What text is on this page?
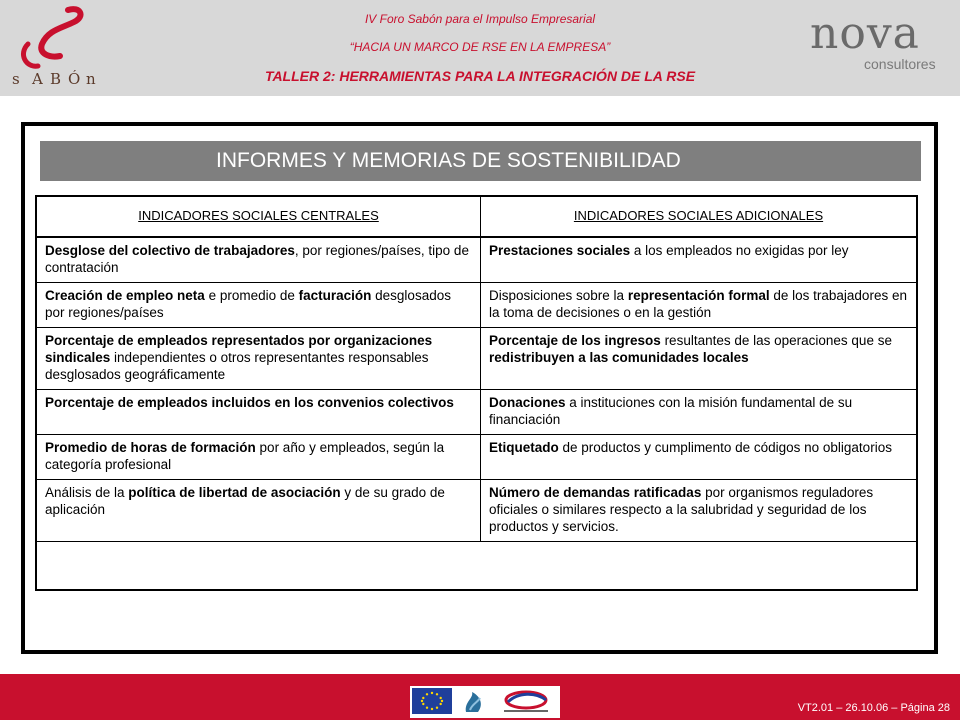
s A B Ó n
IV Foro Sabón para el Impulso Empresarial
“HACIA UN MARCO DE RSE EN LA EMPRESA”
TALLER 2: HERRAMIENTAS PARA LA INTEGRACIÓN DE LA RSE
nova
consultores
INFORMES Y MEMORIAS DE SOSTENIBILIDAD
INDICADORES SOCIALES CENTRALES	INDICADORES SOCIALES ADICIONALES
Desglose del colectivo de trabajadores, por regiones/países, tipo de contratación	Prestaciones sociales a los empleados no exigidas por ley
Creación de empleo neta e promedio de facturación desglosados por regiones/países	Disposiciones sobre la representación formal de los trabajadores en la toma de decisiones o en la gestión
Porcentaje de empleados representados por organizaciones sindicales independientes o otros representantes responsables desglosados geográficamente	Porcentaje de los ingresos resultantes de las operaciones que se redistribuyen a las comunidades locales
Porcentaje de empleados incluidos en los convenios colectivos	Donaciones a instituciones con la misión fundamental de su financiación
Promedio de horas de formación por año y empleados, según la categoría profesional	Etiquetado de productos y cumplimento de códigos no obligatorios
Análisis de la política de libertad de asociación y de su grado de aplicación	Número de demandas ratificadas por organismos reguladores oficiales o similares respecto a la salubridad y seguridad de los productos y servicios.
VT2.01 – 26.10.06 – Página 28
